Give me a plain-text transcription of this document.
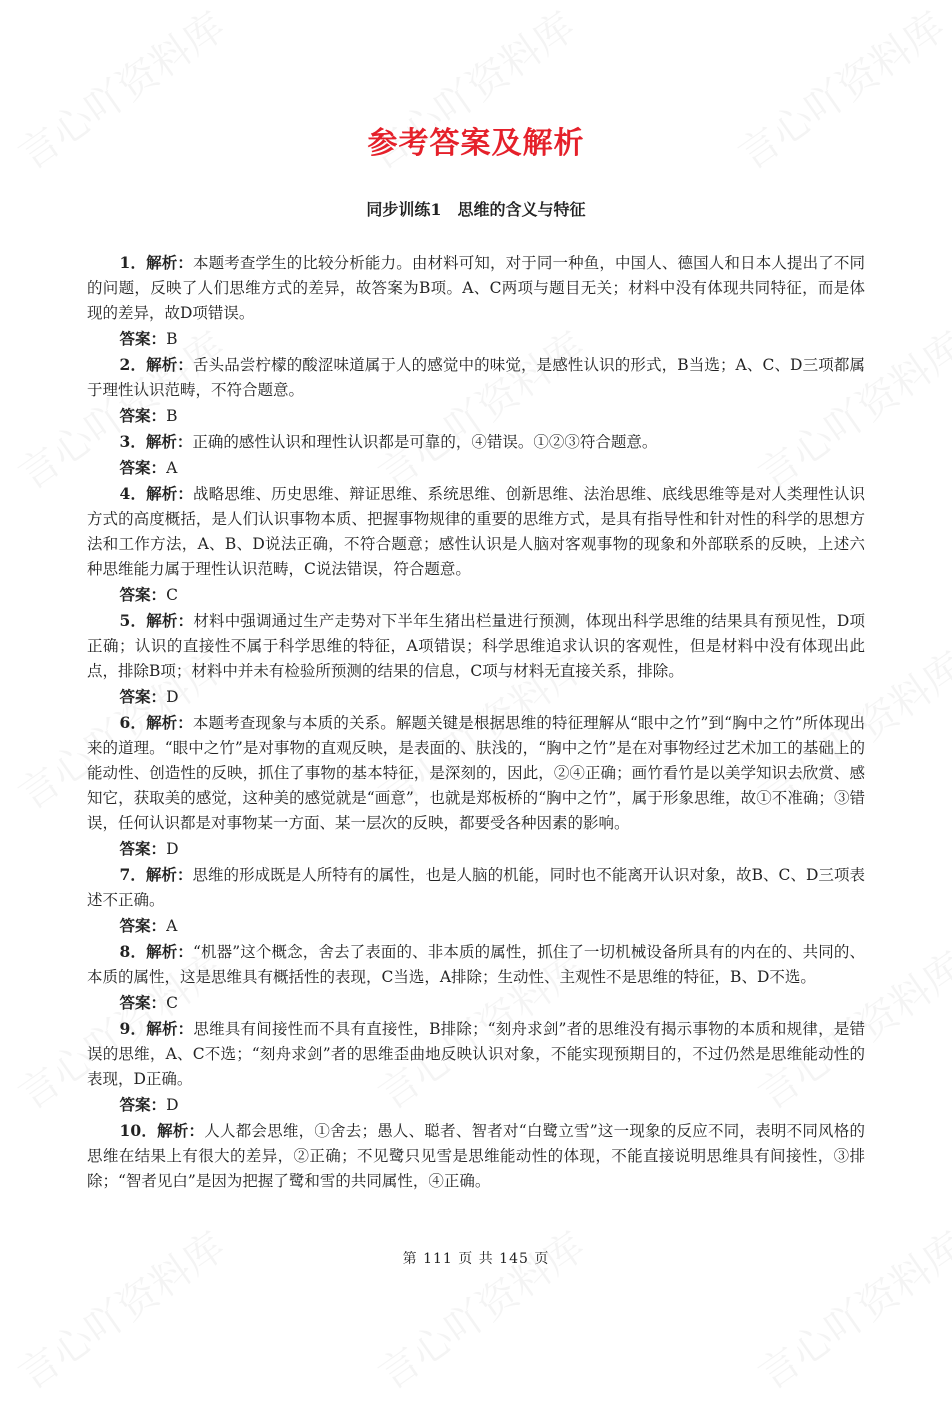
参考答案及解析
同步训练1　思维的含义与特征

1．解析：本题考查学生的比较分析能力。由材料可知，对于同一种鱼，中国人、德国人和日本人提出了不同的问题，反映了人们思维方式的差异，故答案为B项。A、C两项与题目无关；材料中没有体现共同特征，而是体现的差异，故D项错误。

答案：B

2．解析：舌头品尝柠檬的酸涩味道属于人的感觉中的味觉，是感性认识的形式，B当选；A、C、D三项都属于理性认识范畴，不符合题意。

答案：B

3．解析：正确的感性认识和理性认识都是可靠的，④错误。①②③符合题意。

答案：A

4．解析：战略思维、历史思维、辩证思维、系统思维、创新思维、法治思维、底线思维等是对人类理性认识方式的高度概括，是人们认识事物本质、把握事物规律的重要的思维方式，是具有指导性和针对性的科学的思想方法和工作方法，A、B、D说法正确，不符合题意；感性认识是人脑对客观事物的现象和外部联系的反映，上述六种思维能力属于理性认识范畴，C说法错误，符合题意。

答案：C

5．解析：材料中强调通过生产走势对下半年生猪出栏量进行预测，体现出科学思维的结果具有预见性，D项正确；认识的直接性不属于科学思维的特征，A项错误；科学思维追求认识的客观性，但是材料中没有体现出此点，排除B项；材料中并未有检验所预测的结果的信息，C项与材料无直接关系，排除。

答案：D

6．解析：本题考查现象与本质的关系。解题关键是根据思维的特征理解从“眼中之竹”到“胸中之竹”所体现出来的道理。“眼中之竹”是对事物的直观反映，是表面的、肤浅的，“胸中之竹”是在对事物经过艺术加工的基础上的能动性、创造性的反映，抓住了事物的基本特征，是深刻的，因此，②④正确；画竹看竹是以美学知识去欣赏、感知它，获取美的感觉，这种美的感觉就是“画意”，也就是郑板桥的“胸中之竹”，属于形象思维，故①不准确；③错误，任何认识都是对事物某一方面、某一层次的反映，都要受各种因素的影响。

答案：D

7．解析：思维的形成既是人所特有的属性，也是人脑的机能，同时也不能离开认识对象，故B、C、D三项表述不正确。

答案：A

8．解析：“机器”这个概念，舍去了表面的、非本质的属性，抓住了一切机械设备所具有的内在的、共同的、本质的属性，这是思维具有概括性的表现，C当选，A排除；生动性、主观性不是思维的特征，B、D不选。

答案：C

9．解析：思维具有间接性而不具有直接性，B排除；“刻舟求剑”者的思维没有揭示事物的本质和规律，是错误的思维，A、C不选；“刻舟求剑”者的思维歪曲地反映认识对象，不能实现预期目的，不过仍然是思维能动性的表现，D正确。

答案：D

10．解析：人人都会思维，①舍去；愚人、聪者、智者对“白鹭立雪”这一现象的反应不同，表明不同风格的思维在结果上有很大的差异，②正确；不见鹭只见雪是思维能动性的体现，不能直接说明思维具有间接性，③排除；“智者见白”是因为把握了鹭和雪的共同属性，④正确。

第 111 页 共 145 页
